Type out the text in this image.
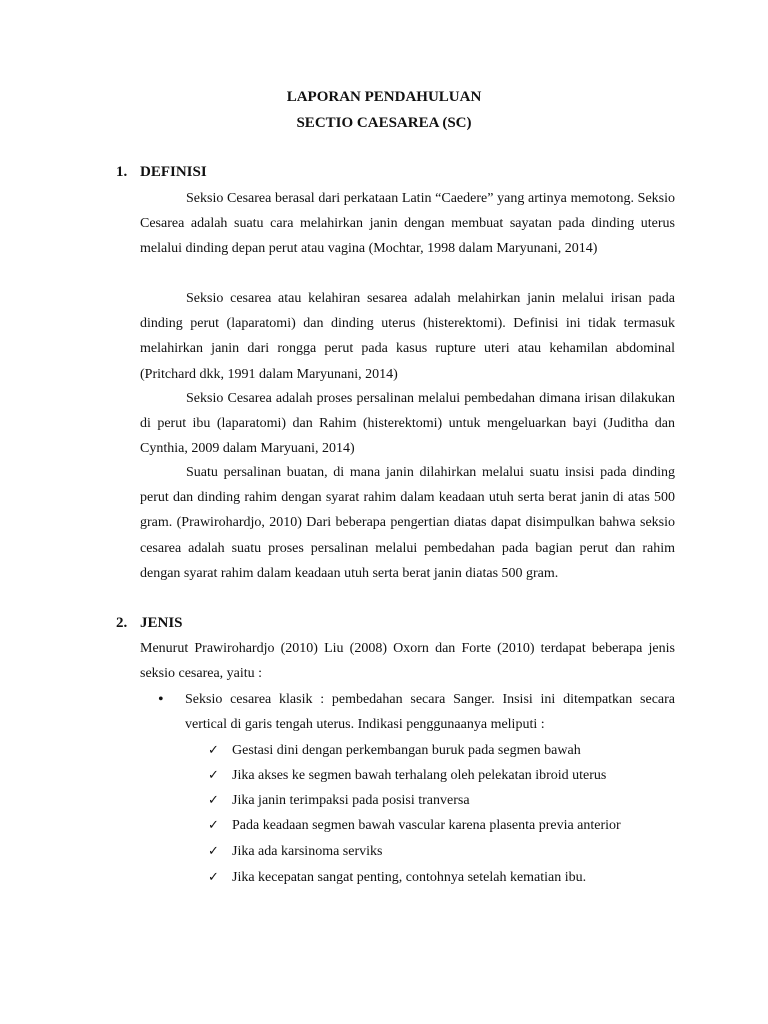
LAPORAN PENDAHULUAN
SECTIO CAESAREA (SC)
1. DEFINISI

Seksio Cesarea berasal dari perkataan Latin “Caedere” yang artinya memotong. Seksio Cesarea adalah suatu cara melahirkan janin dengan membuat sayatan pada dinding uterus melalui dinding depan perut atau vagina (Mochtar, 1998 dalam Maryunani, 2014)

Seksio cesarea atau kelahiran sesarea adalah melahirkan janin melalui irisan pada dinding perut (laparatomi) dan dinding uterus (histerektomi). Definisi ini tidak termasuk melahirkan janin dari rongga perut pada kasus rupture uteri atau kehamilan abdominal (Pritchard dkk, 1991 dalam Maryunani, 2014)

Seksio Cesarea adalah proses persalinan melalui pembedahan dimana irisan dilakukan di perut ibu (laparatomi) dan Rahim (histerektomi) untuk mengeluarkan bayi (Juditha dan Cynthia, 2009 dalam Maryuani, 2014)

Suatu persalinan buatan, di mana janin dilahirkan melalui suatu insisi pada dinding perut dan dinding rahim dengan syarat rahim dalam keadaan utuh serta berat janin di atas 500 gram. (Prawirohardjo, 2010) Dari beberapa pengertian diatas dapat disimpulkan bahwa seksio cesarea adalah suatu proses persalinan melalui pembedahan pada bagian perut dan rahim dengan syarat rahim dalam keadaan utuh serta berat janin diatas 500 gram.

2. JENIS

Menurut Prawirohardjo (2010) Liu (2008) Oxorn dan Forte (2010) terdapat beberapa jenis seksio cesarea, yaitu :

• Seksio cesarea klasik : pembedahan secara Sanger. Insisi ini ditempatkan secara vertical di garis tengah uterus. Indikasi penggunaanya meliputi :

✓ Gestasi dini dengan perkembangan buruk pada segmen bawah
✓ Jika akses ke segmen bawah terhalang oleh pelekatan ibroid uterus
✓ Jika janin terimpaksi pada posisi tranversa
✓ Pada keadaan segmen bawah vascular karena plasenta previa anterior
✓ Jika ada karsinoma serviks
✓ Jika kecepatan sangat penting, contohnya setelah kematian ibu.
